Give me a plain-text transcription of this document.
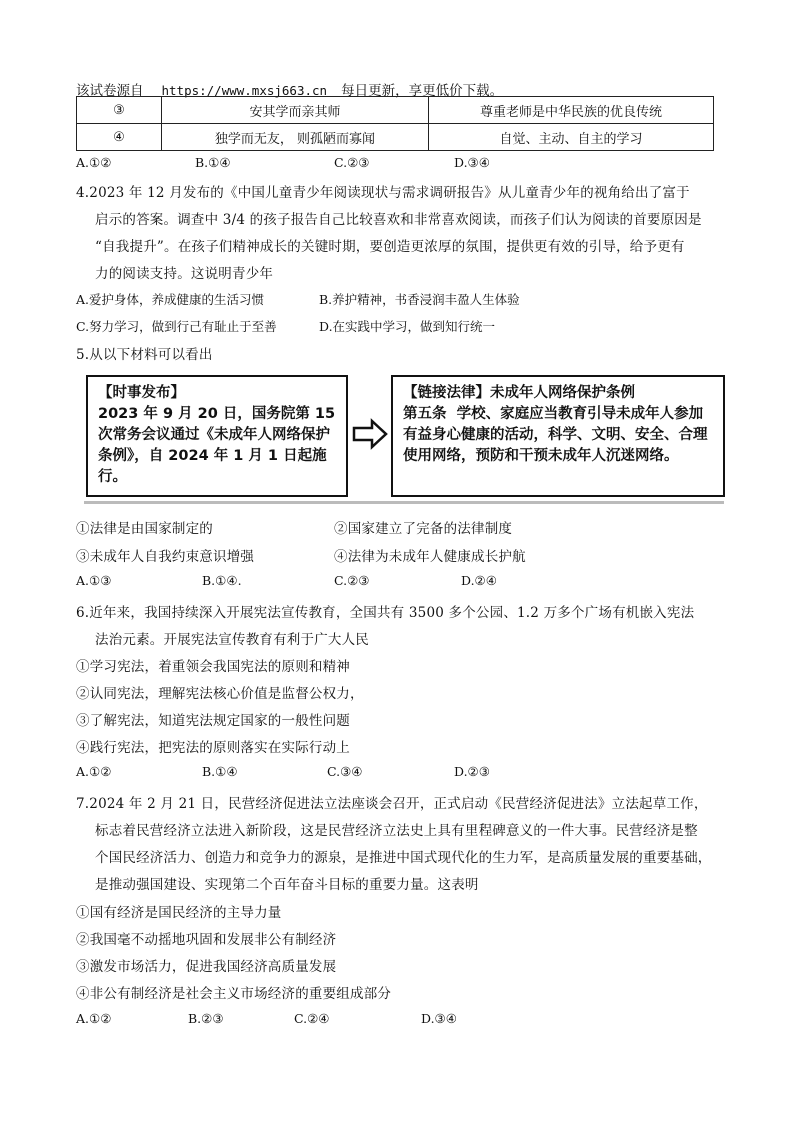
该试卷源自 https://www.mxsj663.cn 每日更新，享更低价下载。
③	安其学而亲其师	尊重老师是中华民族的优良传统
④	独学而无友， 则孤陋而寡闻	自觉、主动、自主的学习
A.①②	B.①④	C.②③	D.③④
4.2023 年 12 月发布的《中国儿童青少年阅读现状与需求调研报告》从儿童青少年的视角给出了富于
启示的答案。调查中 3/4 的孩子报告自己比较喜欢和非常喜欢阅读，而孩子们认为阅读的首要原因是
“自我提升”。在孩子们精神成长的关键时期，要创造更浓厚的氛围，提供更有效的引导，给予更有
力的阅读支持。这说明青少年
A.爱护身体，养成健康的生活习惯	B.养护精神，书香浸润丰盈人生体验
C.努力学习，做到行己有耻止于至善	D.在实践中学习，做到知行统一
5.从以下材料可以看出
【时事发布】
2023 年 9 月 20 日，国务院第 15 次常务会议通过《未成年人网络保护条例》，自 2024 年 1 月 1 日起施行。
【链接法律】未成年人网络保护条例
第五条  学校、家庭应当教育引导未成年人参加有益身心健康的活动，科学、文明、安全、合理使用网络，预防和干预未成年人沉迷网络。
①法律是由国家制定的	②国家建立了完备的法律制度
③未成年人自我约束意识增强	④法律为未成年人健康成长护航
A.①③	B.①④.	C.②③	D.②④
6.近年来，我国持续深入开展宪法宣传教育，全国共有 3500 多个公园、1.2 万多个广场有机嵌入宪法
法治元素。开展宪法宣传教育有利于广大人民
①学习宪法，着重领会我国宪法的原则和精神
②认同宪法，理解宪法核心价值是监督公权力，
③了解宪法，知道宪法规定国家的一般性问题
④践行宪法，把宪法的原则落实在实际行动上
A.①②	B.①④	C.③④	D.②③
7.2024 年 2 月 21 日，民营经济促进法立法座谈会召开，正式启动《民营经济促进法》立法起草工作，
标志着民营经济立法进入新阶段，这是民营经济立法史上具有里程碑意义的一件大事。民营经济是整
个国民经济活力、创造力和竞争力的源泉，是推进中国式现代化的生力军，是高质量发展的重要基础，
是推动强国建设、实现第二个百年奋斗目标的重要力量。这表明
①国有经济是国民经济的主导力量
②我国毫不动摇地巩固和发展非公有制经济
③激发市场活力，促进我国经济高质量发展
④非公有制经济是社会主义市场经济的重要组成部分
A.①②	B.②③	C.②④	D.③④
